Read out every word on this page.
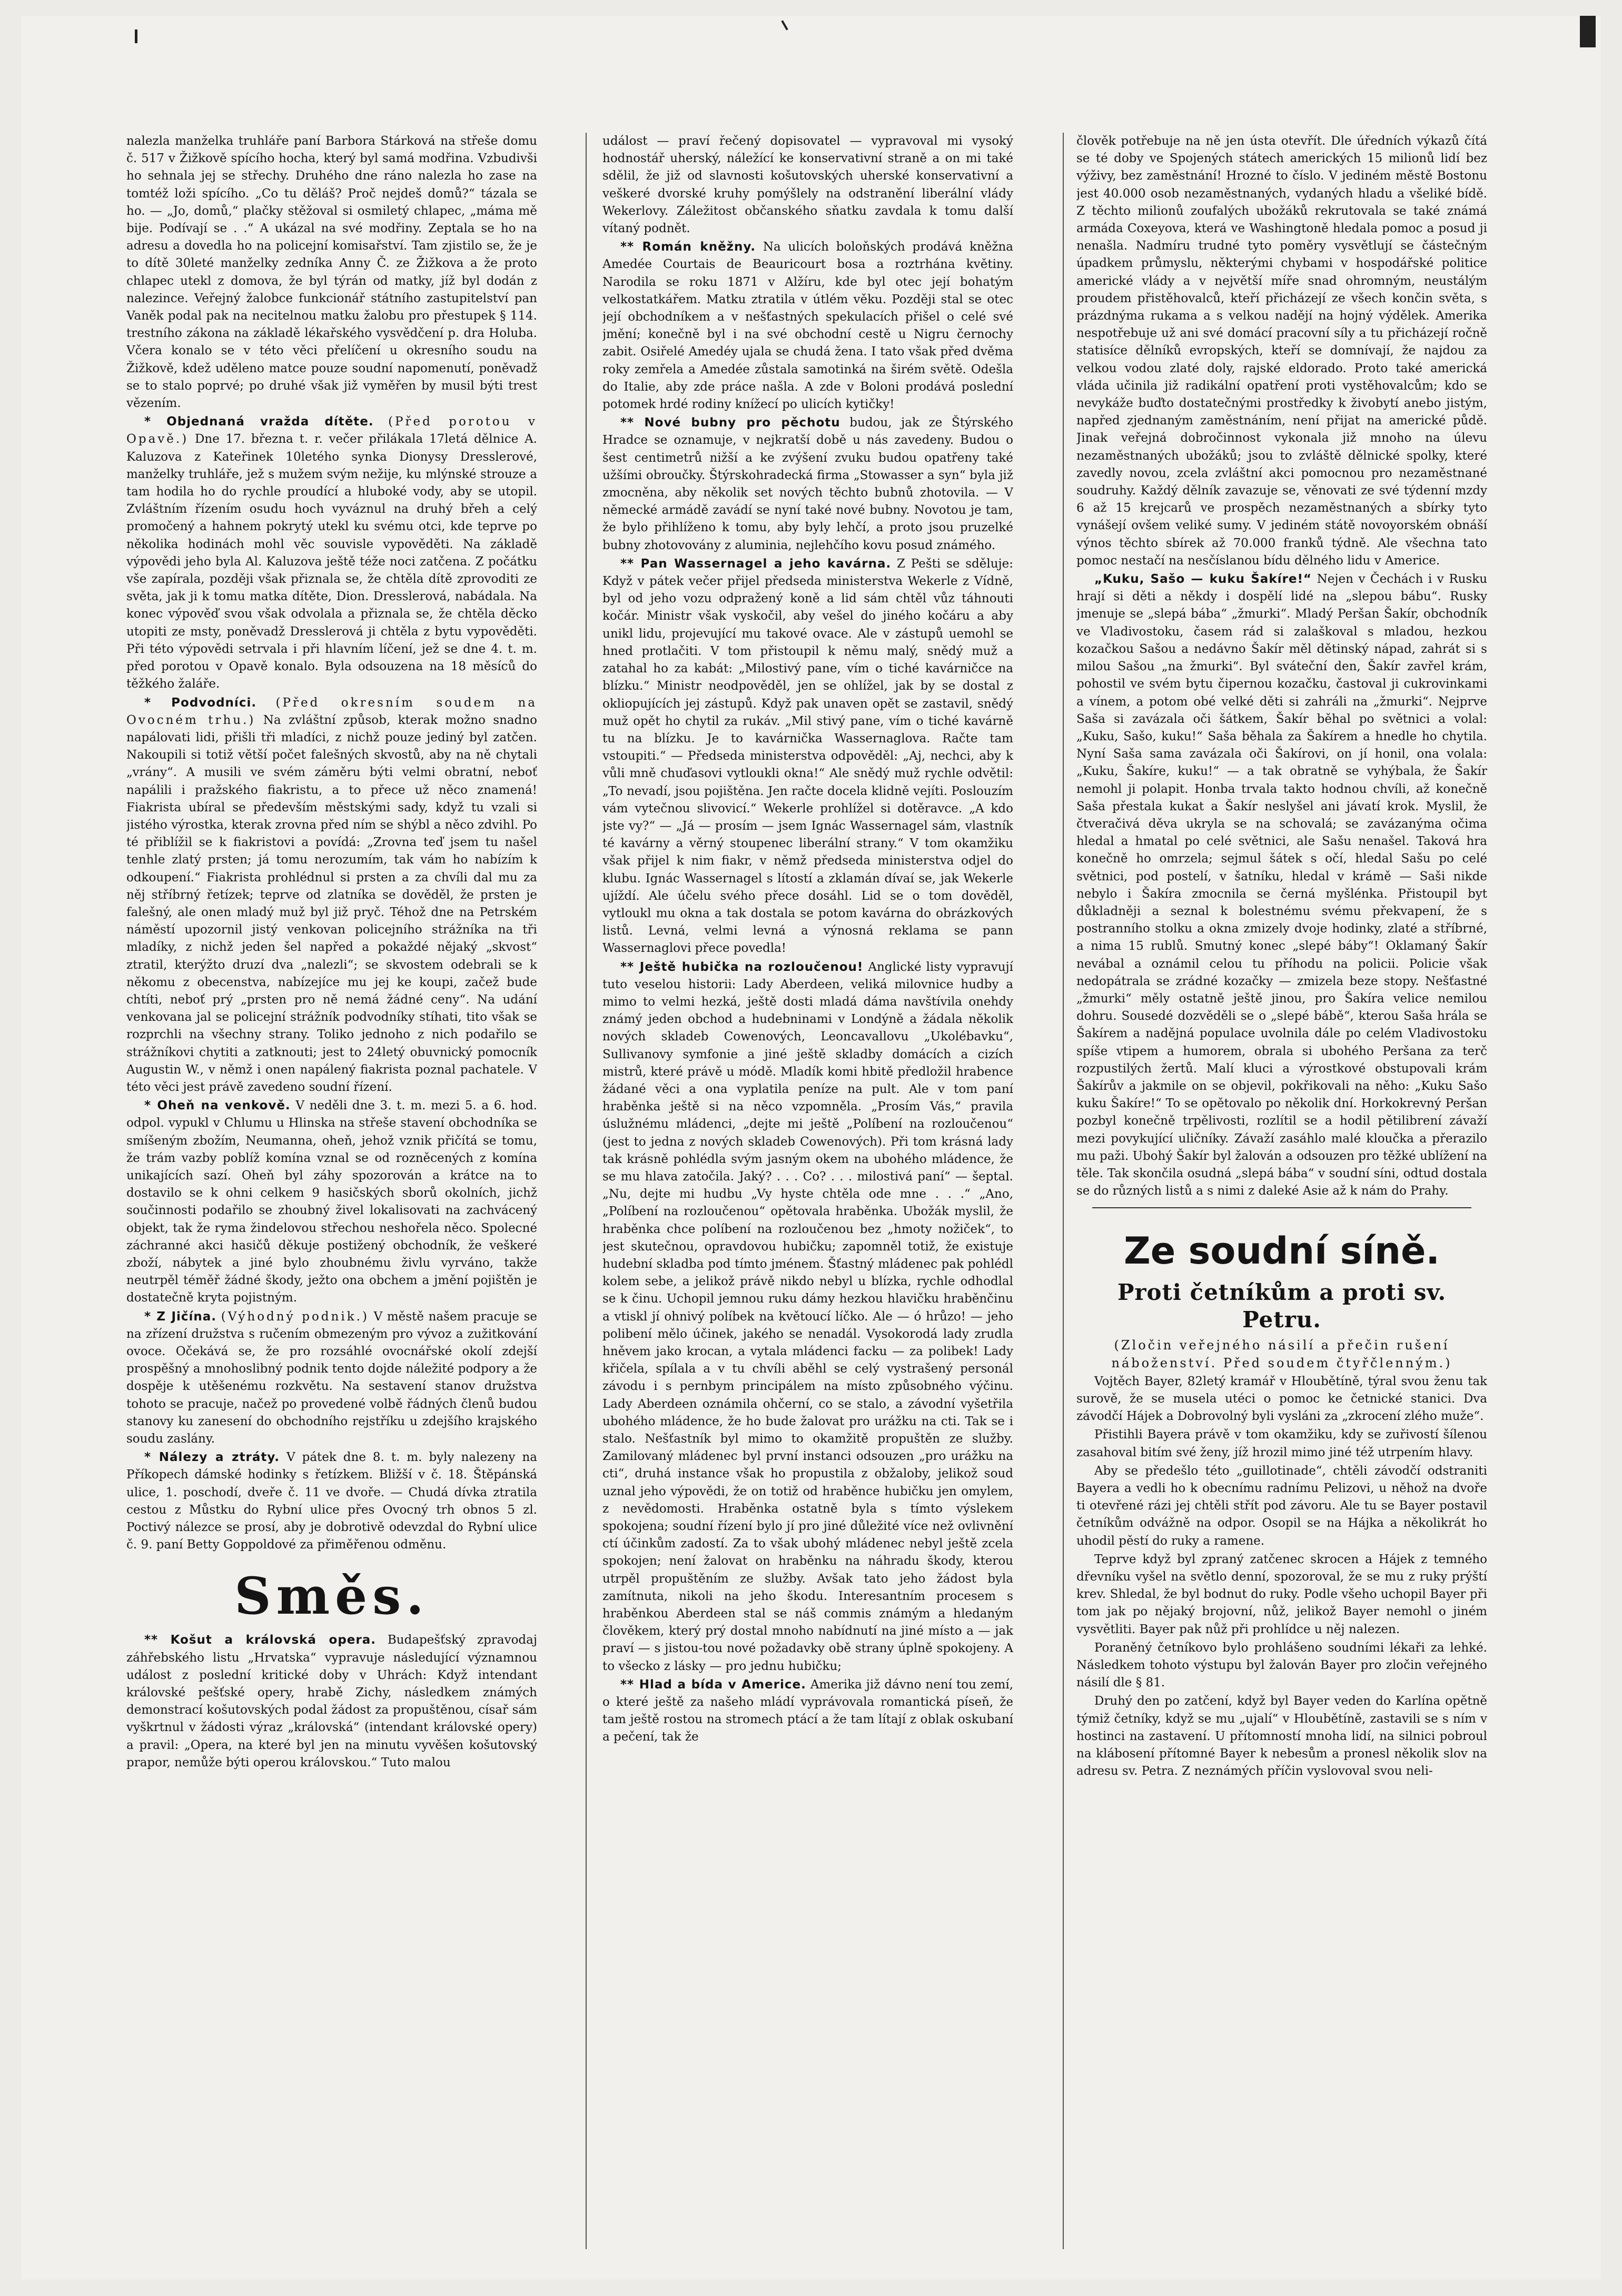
nalezla manželka truhláře paní Barbora Stárková na střeše domu č. 517 v Žižkově spícího hocha, který byl samá modřina. Vzbudivši ho sehnala jej se střechy. Druhého dne ráno nalezla ho zase na tomtéž loži spícího. „Co tu děláš? Proč nejdeš domů?“ tázala se ho. — „Jo, domů,“ plačky stěžoval si osmiletý chlapec, „máma mě bije. Podívají se . .“ A ukázal na své modřiny. Zeptala se ho na adresu a dovedla ho na policejní komisařství. Tam zjistilo se, že je to dítě 30leté manželky zedníka Anny Č. ze Žižkova a že proto chlapec utekl z domova, že byl týrán od matky, jíž byl dodán z nalezince. Veřejný žalobce funkcionář státního zastupitelství pan Vaněk podal pak na necitelnou matku žalobu pro přestupek § 114. trestního zákona na základě lékařského vysvědčení p. dra Holuba. Včera konalo se v této věci přelíčení u okresního soudu na Žižkově, kdež uděleno matce pouze soudní napomenutí, poněvadž se to stalo poprvé; po druhé však již vyměřen by musil býti trest vězením.

* Objednaná vražda dítěte. (Před porotou v Opavě.) Dne 17. března t. r. večer přilákala 17letá dělnice A. Kaluzova z Kateřinek 10letého synka Dionysy Dresslerové, manželky truhláře, jež s mužem svým nežije, ku mlýnské strouze a tam hodila ho do rychle proudící a hluboké vody, aby se utopil. Zvláštním řízením osudu hoch vyváznul na druhý břeh a celý promočený a hahnem pokrytý utekl ku svému otci, kde teprve po několika hodinách mohl věc souvisle vypověděti. Na základě výpovědi jeho byla Al. Kaluzova ještě téže noci zatčena. Z počátku vše zapírala, později však přiznala se, že chtěla dítě zprovoditi ze světa, jak ji k tomu matka dítěte, Dion. Dresslerová, nabádala. Na konec výpověď svou však odvolala a přiznala se, že chtěla děcko utopiti ze msty, poněvadž Dresslerová ji chtěla z bytu vypověděti. Při této výpovědi setrvala i při hlavním líčení, jež se dne 4. t. m. před porotou v Opavě konalo. Byla odsouzena na 18 měsíců do těžkého žaláře.

* Podvodníci. (Před okresním soudem na Ovocném trhu.) Na zvláštní způsob, kterak možno snadno napálovati lidi, přišli tři mladíci, z nichž pouze jediný byl zatčen. Nakoupili si totiž větší počet falešných skvostů, aby na ně chytali „vrány“. A musili ve svém záměru býti velmi obratní, neboť napálili i pražského fiakristu, a to přece už něco znamená! Fiakrista ubíral se především městskými sady, když tu vzali si jistého výrostka, kterak zrovna před ním se shýbl a něco zdvihl. Po té přiblížil se k fiakristovi a povídá: „Zrovna teď jsem tu našel tenhle zlatý prsten; já tomu nerozumím, tak vám ho nabízím k odkoupení.“ Fiakrista prohlédnul si prsten a za chvíli dal mu za něj stříbrný řetízek; teprve od zlatníka se dověděl, že prsten je falešný, ale onen mladý muž byl již pryč. Téhož dne na Petrském náměstí upozornil jistý venkovan policejního strážníka na tři mladíky, z nichž jeden šel napřed a pokaždé nějaký „skvost“ ztratil, kterýžto druzí dva „nalezli“; se skvostem odebrali se k někomu z obecenstva, nabízejíce mu jej ke koupi, začež bude chtíti, neboť prý „prsten pro ně nemá žádné ceny“. Na udání venkovana jal se policejní strážník podvodníky stíhati, tito však se rozprchli na všechny strany. Toliko jednoho z nich podařilo se strážníkovi chytiti a zatknouti; jest to 24letý obuvnický pomocník Augustin W., v němž i onen napálený fiakrista poznal pachatele. V této věci jest právě zavedeno soudní řízení.

* Oheň na venkově. V neděli dne 3. t. m. mezi 5. a 6. hod. odpol. vypukl v Chlumu u Hlinska na střeše stavení obchodníka se smíšeným zbožím, Neumanna, oheň, jehož vznik přičítá se tomu, že trám vazby poblíž komína vznal se od rozněcených z komína unikajících sazí. Oheň byl záhy spozorován a krátce na to dostavilo se k ohni celkem 9 hasičských sborů okolních, jichž součinnosti podařilo se zhoubný živel lokalisovati na zachvácený objekt, tak že ryma žindelovou střechou neshořela něco. Spolecné záchranné akci hasičů děkuje postižený obchodník, že veškeré zboží, nábytek a jiné bylo zhoubnému živlu vyrváno, takže neutrpěl téměř žádné škody, ježto ona obchem a jmění pojištěn je dostatečně kryta pojistným.

* Z Jičína. (Výhodný podnik.) V městě našem pracuje se na zřízení družstva s ručením obmezeným pro vývoz a zužitkování ovoce. Očekává se, že pro rozsáhlé ovocnářské okolí zdejší prospěšný a mnohoslibný podnik tento dojde náležité podpory a že dospěje k utěšenému rozkvětu. Na sestavení stanov družstva tohoto se pracuje, načež po provedené volbě řádných členů budou stanovy ku zanesení do obchodního rejstříku u zdejšího krajského soudu zaslány.

* Nálezy a ztráty. V pátek dne 8. t. m. byly nalezeny na Příkopech dámské hodinky s řetízkem. Bližší v č. 18. Štěpánská ulice, 1. poschodí, dveře č. 11 ve dvoře. — Chudá dívka ztratila cestou z Můstku do Rybní ulice přes Ovocný trh obnos 5 zl. Poctivý nálezce se prosí, aby je dobrotivě odevzdal do Rybní ulice č. 9. paní Betty Goppoldové za přiměřenou odměnu.

Směs.

** Košut a královská opera. Budapešťský zpravodaj záhřebského listu „Hrvatska“ vypravuje následující významnou událost z poslední kritické doby v Uhrách: Když intendant královské pešťské opery, hrabě Zichy, následkem známých demonstrací košutovských podal žádost za propuštěnou, císař sám vyškrtnul v žádosti výraz „královská“ (intendant královské opery) a pravil: „Opera, na které byl jen na minutu vyvěšen košutovský prapor, nemůže býti operou královskou.“ Tuto malou

událost — praví řečený dopisovatel — vypravoval mi vysoký hodnostář uherský, náležící ke konservativní straně a on mi také sdělil, že již od slavnosti košutovských uherské konservativní a veškeré dvorské kruhy pomýšlely na odstranění liberální vlády Wekerlovy. Záležitost občanského sňatku zavdala k tomu další vítaný podnět.

** Román kněžny. Na ulicích boloňských prodává kněžna Amedée Courtais de Beauricourt bosa a roztrhána květiny. Narodila se roku 1871 v Alžíru, kde byl otec její bohatým velkostatkářem. Matku ztratila v útlém věku. Později stal se otec její obchodníkem a v nešťastných spekulacích přišel o celé své jmění; konečně byl i na své obchodní cestě u Nigru černochy zabit. Osiřelé Amedéy ujala se chudá žena. I tato však před dvěma roky zemřela a Amedée zůstala samotinká na širém světě. Odešla do Italie, aby zde práce našla. A zde v Boloni prodává poslední potomek hrdé rodiny knížecí po ulicích kytičky!

** Nové bubny pro pěchotu budou, jak ze Štýrského Hradce se oznamuje, v nejkratší době u nás zavedeny. Budou o šest centimetrů nižší a ke zvýšení zvuku budou opatřeny také užšími obroučky. Štýrskohradecká firma „Stowasser a syn“ byla již zmocněna, aby několik set nových těchto bubnů zhotovila. — V německé armádě zavádí se nyní také nové bubny. Novotou je tam, že bylo přihlíženo k tomu, aby byly lehčí, a proto jsou pruzelké bubny zhotovovány z aluminia, nejlehčího kovu posud známého.

** Pan Wassernagel a jeho kavárna. Z Pešti se sděluje: Když v pátek večer přijel předseda ministerstva Wekerle z Vídně, byl od jeho vozu odpražený koně a lid sám chtěl vůz táhnouti kočár. Ministr však vyskočil, aby vešel do jiného kočáru a aby unikl lidu, projevující mu takové ovace. Ale v zástupů uemohl se hned protlačiti. V tom přistoupil k němu malý, snědý muž a zatahal ho za kabát: „Milostivý pane, vím o tiché kavárničce na blízku.“ Ministr neodpověděl, jen se ohlížel, jak by se dostal z okliopujících jej zástupů. Když pak unaven opět se zastavil, snědý muž opět ho chytil za rukáv. „Mil stivý pane, vím o tiché kavárně tu na blízku. Je to kavárnička Wassernaglova. Račte tam vstoupiti.“ — Předseda ministerstva odpověděl: „Aj, nechci, aby k vůli mně chuďasovi vytloukli okna!“ Ale snědý muž rychle odvětil: „To nevadí, jsou pojištěna. Jen račte docela klidně vejíti. Poslouzím vám vytečnou slivovicí.“ Wekerle prohlížel si dotěravce. „A kdo jste vy?“ — „Já — prosím — jsem Ignác Wassernagel sám, vlastník té kavárny a věrný stoupenec liberální strany.“ V tom okamžiku však přijel k nim fiakr, v němž předseda ministerstva odjel do klubu. Ignác Wassernagel s lítostí a zklamán dívaí se, jak Wekerle ujíždí. Ale účelu svého přece dosáhl. Lid se o tom dověděl, vytloukl mu okna a tak dostala se potom kavárna do obrázkových listů. Levná, velmi levná a výnosná reklama se pann Wassernaglovi přece povedla!

** Ještě hubička na rozloučenou! Anglické listy vypravují tuto veselou historii: Lady Aberdeen, veliká milovnice hudby a mimo to velmi hezká, ještě dosti mladá dáma navštívila onehdy známý jeden obchod a hudebninami v Londýně a žádala několik nových skladeb Cowenových, Leoncavallovu „Ukolébavku“, Sullivanovy symfonie a jiné ještě skladby domácích a cizích mistrů, které právě u módě. Mladík komi hbitě předložil hrabence žádané věci a ona vyplatila peníze na pult. Ale v tom paní hraběnka ještě si na něco vzpomněla. „Prosím Vás,“ pravila úslužnému mládenci, „dejte mi ještě „Políbení na rozloučenou“ (jest to jedna z nových skladeb Cowenových). Při tom krásná lady tak krásně pohlédla svým jasným okem na ubohého mládence, že se mu hlava zatočila. Jaký? . . . Co? . . . milostivá paní“ — šeptal. „Nu, dejte mi hudbu „Vy hyste chtěla ode mne . . .“ „Ano, „Políbení na rozloučenou“ opětovala hraběnka. Ubožák myslil, že hraběnka chce políbení na rozloučenou bez „hmoty nožiček“, to jest skutečnou, opravdovou hubičku; zapomněl totiž, že existuje hudební skladba pod tímto jménem. Šťastný mládenec pak pohlédl kolem sebe, a jelikož právě nikdo nebyl u blízka, rychle odhodlal se k činu. Uchopil jemnou ruku dámy hezkou hlavičku hraběnčinu a vtiskl jí ohnivý políbek na květoucí líčko. Ale — ó hrůzo! — jeho polibení mělo účinek, jakého se nenadál. Vysokorodá lady zrudla hněvem jako krocan, a vytala mládenci facku — za polibek! Lady křičela, spílala a v tu chvíli aběhl se celý vystrašený personál závodu i s pernbym principálem na místo způsobného výčinu. Lady Aberdeen oznámila ohčerní, co se stalo, a závodní vyšetřila ubohého mládence, že ho bude žalovat pro urážku na cti. Tak se i stalo. Nešťastník byl mimo to okamžitě propuštěn ze služby. Zamilovaný mládenec byl první instanci odsouzen „pro urážku na cti“, druhá instance však ho propustila z obžaloby, jelikož soud uznal jeho výpovědi, že on totiž od hraběnce hubičku jen omylem, z nevědomosti. Hraběnka ostatně byla s tímto výslekem spokojena; soudní řízení bylo jí pro jiné důležité více než ovlivnění ctí účinkům zadostí. Za to však ubohý mládenec nebyl ještě zcela spokojen; není žalovat on hraběnku na náhradu škody, kterou utrpěl propuštěním ze služby. Avšak tato jeho žádost byla zamítnuta, nikoli na jeho škodu. Interesantním procesem s hraběnkou Aberdeen stal se náš commis známým a hledaným člověkem, který prý dostal mnoho nabídnutí na jiné místo a — jak praví — s jistou-tou nové požadavky obě strany úplně spokojeny. A to všecko z lásky — pro jednu hubičku;

** Hlad a bída v Americe. Amerika již dávno není tou zemí, o které ještě za našeho mládí vyprávovala romantická píseň, že tam ještě rostou na stromech ptácí a že tam lítají z oblak oskubaní a pečení, tak že

člověk potřebuje na ně jen ústa otevřít. Dle úředních výkazů čítá se té doby ve Spojených státech amerických 15 milionů lidí bez výživy, bez zaměstnání! Hrozné to číslo. V jediném městě Bostonu jest 40.000 osob nezaměstnaných, vydaných hladu a všeliké bídě. Z těchto milionů zoufalých ubožáků rekrutovala se také známá armáda Coxeyova, která ve Washingtoně hledala pomoc a posud ji nenašla. Nadmíru trudné tyto poměry vysvětlují se částečným úpadkem průmyslu, některými chybami v hospodářské politice americké vlády a v největší míře snad ohromným, neustálým proudem přistěhovalců, kteří přicházejí ze všech končin světa, s prázdnýma rukama a s velkou nadějí na hojný výdělek. Amerika nespotřebuje už ani své domácí pracovní síly a tu přicházejí ročně statisíce dělníků evropských, kteří se domnívají, že najdou za velkou vodou zlaté doly, rajské eldorado. Proto také americká vláda učinila již radikální opatření proti vystěhovalcům; kdo se nevykáže buďto dostatečnými prostředky k živobytí anebo jistým, napřed zjednaným zaměstnáním, není přijat na americké půdě. Jinak veřejná dobročinnost vykonala již mnoho na úlevu nezaměstnaných ubožáků; jsou to zvláště dělnické spolky, které zavedly novou, zcela zvláštní akci pomocnou pro nezaměstnané soudruhy. Každý dělník zavazuje se, věnovati ze své týdenní mzdy 6 až 15 krejcarů ve prospěch nezaměstnaných a sbírky tyto vynášejí ovšem veliké sumy. V jediném státě novoyorském obnáší výnos těchto sbírek až 70.000 franků týdně. Ale všechna tato pomoc nestačí na nesčíslanou bídu dělného lidu v Americe.

„Kuku, Sašo — kuku Šakíre!“ Nejen v Čechách i v Rusku hrají si děti a někdy i dospělí lidé na „slepou bábu“. Rusky jmenuje se „slepá bába“ „žmurki“. Mladý Peršan Šakír, obchodník ve Vladivostoku, časem rád si zalaškoval s mladou, hezkou kozačkou Sašou a nedávno Šakír měl dětinský nápad, zahrát si s milou Sašou „na žmurki“. Byl sváteční den, Šakír zavřel krám, pohostil ve svém bytu čipernou kozačku, častoval ji cukrovinkami a vínem, a potom obé velké děti si zahráli na „žmurki“. Nejprve Saša si zavázala oči šátkem, Šakír běhal po světnici a volal: „Kuku, Sašo, kuku!“ Saša běhala za Šakírem a hnedle ho chytila. Nyní Saša sama zavázala oči Šakírovi, on jí honil, ona volala: „Kuku, Šakíre, kuku!“ — a tak obratně se vyhýbala, že Šakír nemohl ji polapit. Honba trvala takto hodnou chvíli, až konečně Saša přestala kukat a Šakír neslyšel ani jávatí krok. Myslil, že čtveračivá děva ukryla se na schovalá; se zavázanýma očima hledal a hmatal po celé světnici, ale Sašu nenašel. Taková hra konečně ho omrzela; sejmul šátek s očí, hledal Sašu po celé světnici, pod postelí, v šatníku, hledal v krámě — Saši nikde nebylo i Šakíra zmocnila se černá myšlénka. Přistoupil byt důkladněji a seznal k bolestnému svému překvapení, že s postranního stolku a okna zmizely dvoje hodinky, zlaté a stříbrné, a nima 15 rublů. Smutný konec „slepé báby“! Oklamaný Šakír nevábal a oznámil celou tu příhodu na policii. Policie však nedopátrala se zrádné kozačky — zmizela beze stopy. Nešťastné „žmurki“ měly ostatně ještě jinou, pro Šakíra velice nemilou dohru. Sousedé dozvěděli se o „slepé bábě“, kterou Saša hrála se Šakírem a nadějná populace uvolnila dále po celém Vladivostoku spíše vtipem a humorem, obrala si ubohého Peršana za terč rozpustilých žertů. Malí kluci a výrostkové obstupovali krám Šakírův a jakmile on se objevil, pokřikovali na něho: „Kuku Sašo kuku Šakíre!“ To se opětovalo po několik dní. Horkokrevný Peršan pozbyl konečně trpělivosti, rozlítil se a hodil pětilibrení závaží mezi povykující uličníky. Závaží zasáhlo malé kloučka a přerazilo mu paži. Ubohý Šakír byl žalován a odsouzen pro těžké ublížení na těle. Tak skončila osudná „slepá bába“ v soudní síni, odtud dostala se do různých listů a s nimi z daleké Asie až k nám do Prahy.

Ze soudní síně.
Proti četníkům a proti sv. Petru.

(Zločin veřejného násilí a přečin rušení náboženství. Před soudem čtyřčlenným.)

Vojtěch Bayer, 82letý kramář v Hloubětíně, týral svou ženu tak surově, že se musela utéci o pomoc ke četnické stanici. Dva závodčí Hájek a Dobrovolný byli vysláni za „zkrocení zlého muže“.

Přistihli Bayera právě v tom okamžiku, kdy se zuřivostí šílenou zasahoval bitím své ženy, jíž hrozil mimo jiné též utrpením hlavy.

Aby se předešlo této „guillotinade“, chtěli závodčí odstraniti Bayera a vedli ho k obecnímu radnímu Pelizovi, u něhož na dvoře ti otevřené rázi jej chtěli střít pod závoru. Ale tu se Bayer postavil četníkům odvážně na odpor. Osopil se na Hájka a několikrát ho uhodil pěstí do ruky a ramene.

Teprve když byl zpraný zatčenec skrocen a Hájek z temného dřevníku vyšel na světlo denní, spozoroval, že se mu z ruky prýští krev. Shledal, že byl bodnut do ruky. Podle všeho uchopil Bayer při tom jak po nějaký brojovní, nůž, jelikož Bayer nemohl o jiném vysvětliti. Bayer pak nůž při prohlídce u něj nalezen.

Poraněný četníkovo bylo prohlášeno soudními lékaři za lehké. Následkem tohoto výstupu byl žalován Bayer pro zločin veřejného násilí dle § 81.

Druhý den po zatčení, když byl Bayer veden do Karlína opětně týmiž četníky, když se mu „ujalí“ v Hloubětíně, zastavili se s ním v hostinci na zastavení. U přítomností mnoha lidí, na silnici pobroul na klábosení přítomné Bayer k nebesům a pronesl několik slov na adresu sv. Petra. Z neznámých příčin vyslovoval svou neli-
